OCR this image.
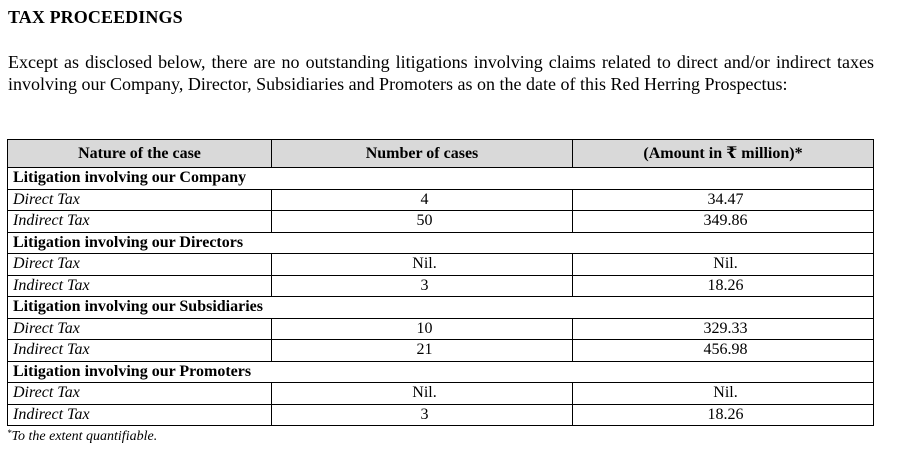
TAX PROCEEDINGS
Except as disclosed below, there are no outstanding litigations involving claims related to direct and/or indirect taxes involving our Company, Director, Subsidiaries and Promoters as on the date of this Red Herring Prospectus:
Nature of the case	Number of cases	(Amount in ₹ million)*
Litigation involving our Company		
Direct Tax	4	34.47
Indirect Tax	50	349.86
Litigation involving our Directors		
Direct Tax	Nil.	Nil.
Indirect Tax	3	18.26
Litigation involving our Subsidiaries		
Direct Tax	10	329.33
Indirect Tax	21	456.98
Litigation involving our Promoters		
Direct Tax	Nil.	Nil.
Indirect Tax	3	18.26
*To the extent quantifiable.
